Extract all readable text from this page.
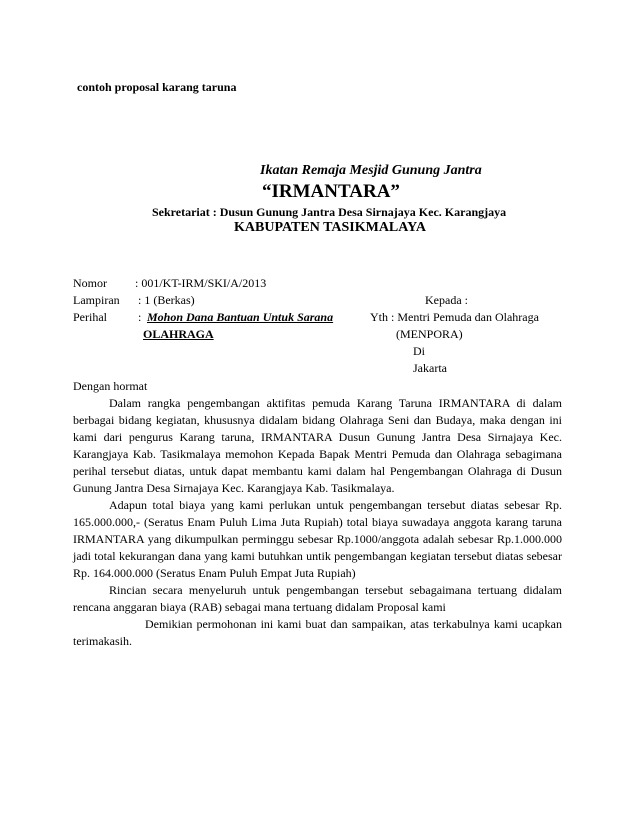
contoh proposal karang taruna
Ikatan Remaja Mesjid Gunung Jantra
“IRMANTARA”
Sekretariat : Dusun Gunung Jantra Desa Sirnajaya Kec. Karangjaya
KABUPATEN TASIKMALAYA
Nomor : 001/KT-IRM/SKI/A/2013
Lampiran : 1 (Berkas)
Perihal	: Mohon Dana Bantuan Untuk Sarana
OLAHRAGA
Kepada :
Yth : Mentri Pemuda dan Olahraga
(MENPORA)
Di
Jakarta

Dengan hormat

Dalam rangka pengembangan aktifitas pemuda Karang Taruna IRMANTARA di dalam berbagai bidang kegiatan, khususnya didalam bidang Olahraga Seni dan Budaya, maka dengan ini kami dari pengurus Karang taruna, IRMANTARA Dusun Gunung Jantra Desa Sirnajaya Kec. Karangjaya Kab. Tasikmalaya memohon Kepada Bapak Mentri Pemuda dan Olahraga sebagimana perihal tersebut diatas, untuk dapat membantu kami dalam hal Pengembangan Olahraga di Dusun Gunung Jantra Desa Sirnajaya Kec. Karangjaya Kab. Tasikmalaya.

Adapun total biaya yang kami perlukan untuk pengembangan tersebut diatas sebesar Rp. 165.000.000,- (Seratus Enam Puluh Lima Juta Rupiah) total biaya suwadaya anggota karang taruna IRMANTARA yang dikumpulkan perminggu sebesar Rp.1000/anggota adalah sebesar Rp.1.000.000 jadi total kekurangan dana yang kami butuhkan untik pengembangan kegiatan tersebut diatas sebesar Rp. 164.000.000 (Seratus Enam Puluh Empat Juta Rupiah)

Rincian secara menyeluruh untuk pengembangan tersebut sebagaimana tertuang didalam rencana anggaran biaya (RAB) sebagai mana tertuang didalam Proposal kami

Demikian permohonan ini kami buat dan sampaikan, atas terkabulnya kami ucapkan terimakasih.
